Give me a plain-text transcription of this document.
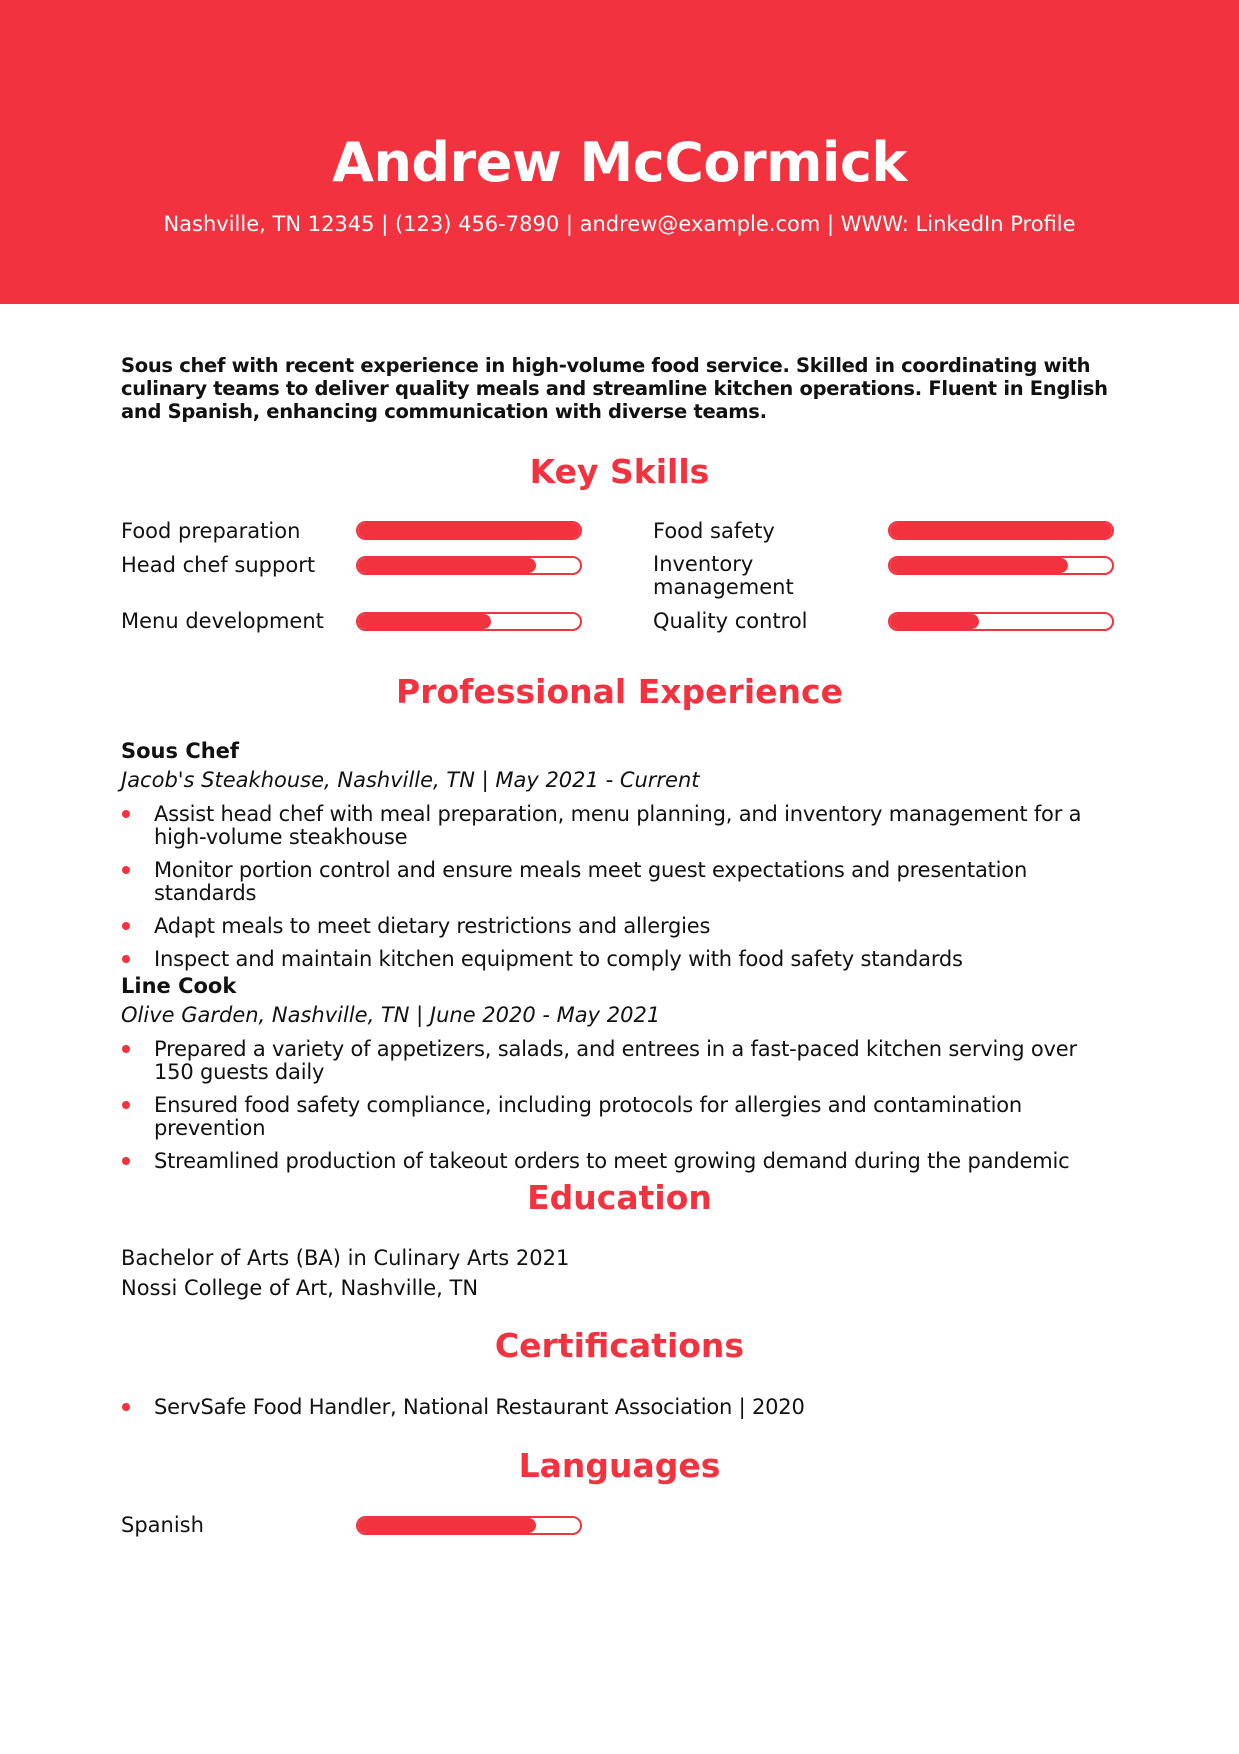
Andrew McCormick
Nashville, TN 12345 | (123) 456-7890 | andrew@example.com | WWW: LinkedIn Profile
Sous chef with recent experience in high-volume food service. Skilled in coordinating with culinary teams to deliver quality meals and streamline kitchen operations. Fluent in English and Spanish, enhancing communication with diverse teams.
Key Skills
Food preparation	Food safety
Head chef support	Inventory management
Menu development	Quality control
Professional Experience
Sous Chef
Jacob's Steakhouse, Nashville, TN | May 2021 - Current
Assist head chef with meal preparation, menu planning, and inventory management for a high-volume steakhouse
Monitor portion control and ensure meals meet guest expectations and presentation standards
Adapt meals to meet dietary restrictions and allergies
Inspect and maintain kitchen equipment to comply with food safety standards
Line Cook
Olive Garden, Nashville, TN | June 2020 - May 2021
Prepared a variety of appetizers, salads, and entrees in a fast-paced kitchen serving over 150 guests daily
Ensured food safety compliance, including protocols for allergies and contamination prevention
Streamlined production of takeout orders to meet growing demand during the pandemic
Education
Bachelor of Arts (BA) in Culinary Arts 2021
Nossi College of Art, Nashville, TN
Certifications
ServSafe Food Handler, National Restaurant Association | 2020
Languages
Spanish
